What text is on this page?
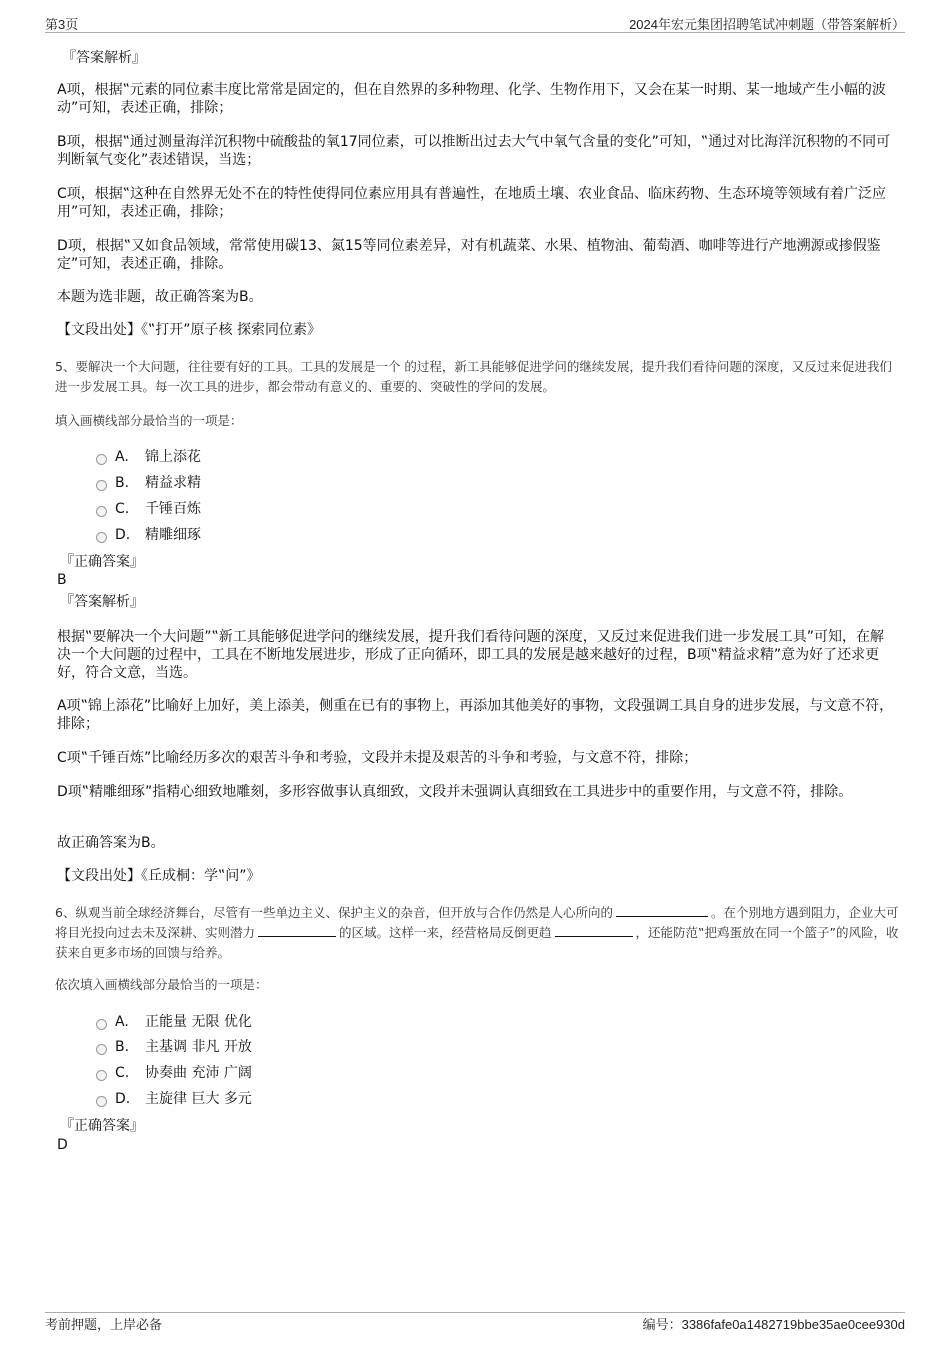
第3页	2024年宏元集团招聘笔试冲刺题（带答案解析）
『答案解析』
A项，根据‟元素的同位素丰度比常常是固定的，但在自然界的多种物理、化学、生物作用下，又会在某一时期、某一地域产生小幅的波动”可知，表述正确，排除；
B项，根据‟通过测量海洋沉积物中硫酸盐的氧17同位素，可以推断出过去大气中氧气含量的变化”可知，‟通过对比海洋沉积物的不同可判断氧气变化”表述错误，当选；
C项，根据‟这种在自然界无处不在的特性使得同位素应用具有普遍性，在地质土壤、农业食品、临床药物、生态环境等领域有着广泛应用”可知，表述正确，排除；
D项，根据‟又如食品领域，常常使用碳13、氮15等同位素差异，对有机蔬菜、水果、植物油、葡萄酒、咖啡等进行产地溯源或掺假鉴定”可知，表述正确，排除。
本题为选非题，故正确答案为B。
【文段出处】《‟打开”原子核 探索同位素》
5、要解决一个大问题，往往要有好的工具。工具的发展是一个 的过程，新工具能够促进学问的继续发展，提升我们看待问题的深度，又反过来促进我们进一步发展工具。每一次工具的进步，都会带动有意义的、重要的、突破性的学问的发展。
填入画横线部分最恰当的一项是：
A.	锦上添花
B.	精益求精
C.	千锤百炼
D.	精雕细琢
『正确答案』
B
『答案解析』
根据‟要解决一个大问题”‟新工具能够促进学问的继续发展，提升我们看待问题的深度，又反过来促进我们进一步发展工具”可知，在解决一个大问题的过程中，工具在不断地发展进步，形成了正向循环，即工具的发展是越来越好的过程，B项‟精益求精”意为好了还求更好，符合文意，当选。
A项‟锦上添花”比喻好上加好，美上添美，侧重在已有的事物上，再添加其他美好的事物，文段强调工具自身的进步发展，与文意不符，排除；
C项‟千锤百炼”比喻经历多次的艰苦斗争和考验，文段并未提及艰苦的斗争和考验，与文意不符，排除；
D项‟精雕细琢”指精心细致地雕刻，多形容做事认真细致，文段并未强调认真细致在工具进步中的重要作用，与文意不符，排除。
故正确答案为B。
【文段出处】《丘成桐：学‟问”》
6、纵观当前全球经济舞台，尽管有一些单边主义、保护主义的杂音，但开放与合作仍然是人心所向的	。在个别地方遇到阻力，企业大可将目光投向过去未及深耕、实则潜力	的区域。这样一来，经营格局反倒更趋	，还能防范‟把鸡蛋放在同一个篮子”的风险，收获来自更多市场的回馈与给养。
依次填入画横线部分最恰当的一项是：
A.	正能量 无限 优化
B.	主基调 非凡 开放
C.	协奏曲 充沛 广阔
D.	主旋律 巨大 多元
『正确答案』
D
考前押题，上岸必备	编号：3386fafe0a1482719bbe35ae0cee930d
